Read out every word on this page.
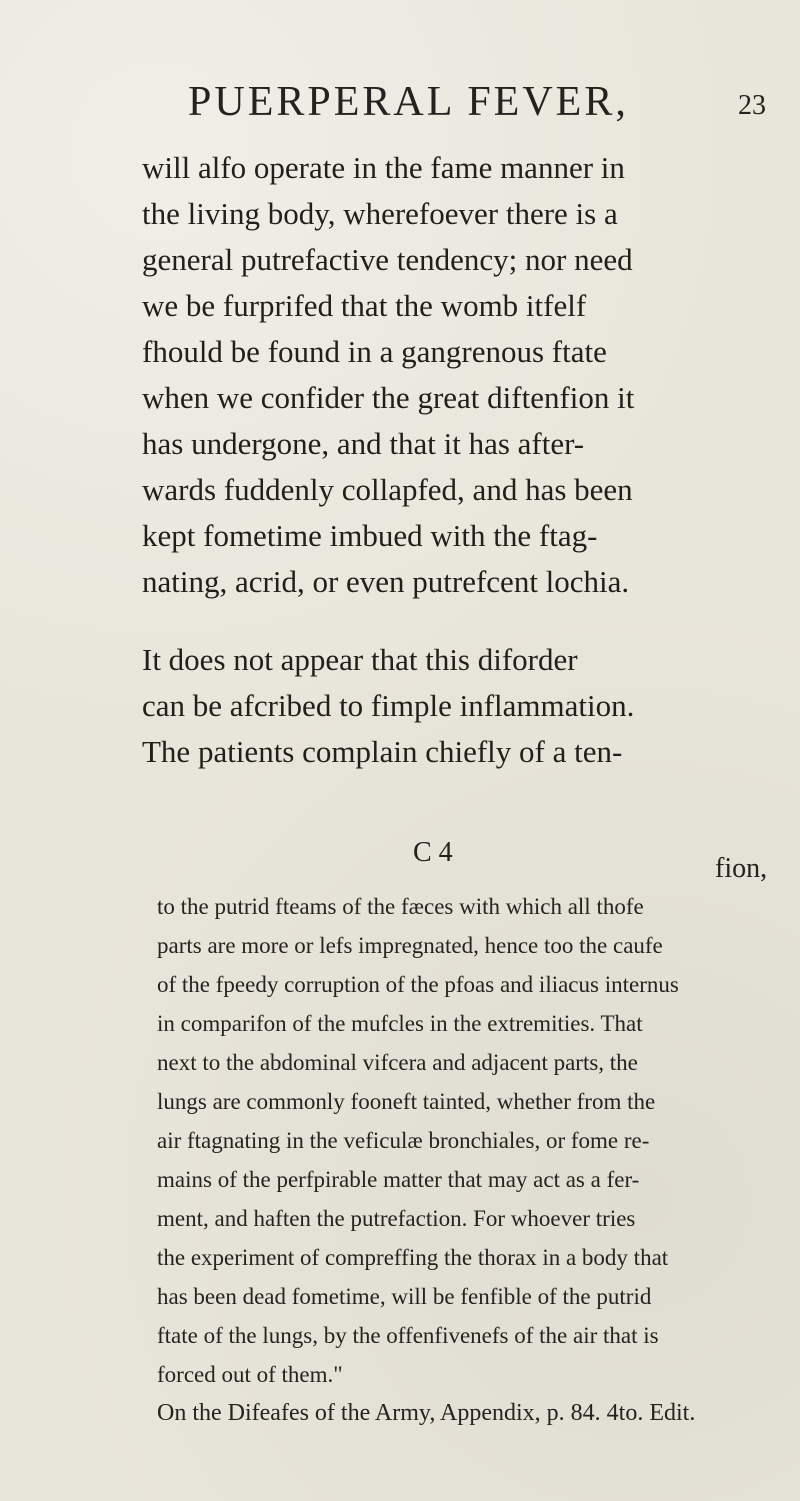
PUERPERAL FEVER,	23
will alfo operate in the fame manner in
the living body, wherefoever there is a
general putrefactive tendency; nor need
we be furprifed that the womb itfelf
fhould be found in a gangrenous ftate
when we confider the great diftenfion it
has undergone, and that it has after-
wards fuddenly collapfed, and has been
kept fometime imbued with the ftag-
nating, acrid, or even putrefcent lochia.
It does not appear that this diforder
can be afcribed to fimple inflammation.
The patients complain chiefly of a ten-
C 4
fion,
to the putrid fteams of the fæces with which all thofe
parts are more or lefs impregnated, hence too the caufe
of the fpeedy corruption of the pfoas and iliacus internus
in comparifon of the mufcles in the extremities. That
next to the abdominal vifcera and adjacent parts, the
lungs are commonly fooneft tainted, whether from the
air ftagnating in the veficulæ bronchiales, or fome re-
mains of the perfpirable matter that may act as a fer-
ment, and haften the putrefaction. For whoever tries
the experiment of compreffing the thorax in a body that
has been dead fometime, will be fenfible of the putrid
ftate of the lungs, by the offenfivenefs of the air that is
forced out of them."
On the Difeafes of the Army, Appendix, p. 84. 4to. Edit.
